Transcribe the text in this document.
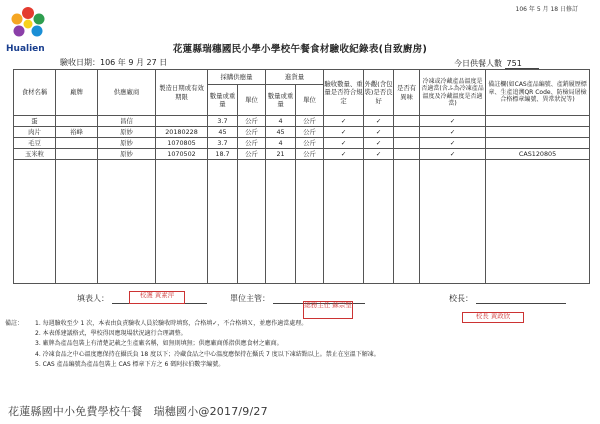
Hualien
106 年 5 月 18 日修訂
花蓮縣瑞穗國民小學小學校午餐食材驗收紀錄表(自致廚房)
驗收日期：106 年 9 月 27 日	今日供餐人數 751
食材名稱	廠牌	供應廠商	製造日期或有效期限	採購供應量		進貨量		驗收數量、重量是否符合規定	外觀(含包裝)是否良好	是否有異味	冷凍或冷藏產品溫度是否適當(含ふ為冷凍產品溫度及冷藏溫度是否適當)	備註欄(如CAS產品編號、產銷履歷標章、生產追溯QR Code、防檢局屠檢合格標章編號、異常狀況等)
				數量或重量	單位	數量或重量	單位					
蛋		昌信		3.7	公斤	4	公斤	✓	✓		✓	
肉片	裕峰	原妙	20180228	45	公斤	45	公斤	✓	✓		✓	
毛豆		原妙	1070805	3.7	公斤	4	公斤	✓	✓		✓	
玉米粒		原妙	1070502	18.7	公斤	21	公斤	✓	✓		✓	CAS120805

填表人：	校護 黃素萍	單位主管：
總務主任 蘇宗聖
校長：
校長 黃政欣
備註： 1. 每週驗收至少 1 次，本表由負責驗收人員於驗收時填寫，合格填✓，不合格填Ｘ，並應作適當處理。
2. 本表係建議格式，學校得因應現場狀況適行合理調整。
3. 廠牌為產品包裝上有清楚記載之生產廠名稱，如無則填無；供應廠商係指供應食材之廠商。
4. 冷凍食品之中心溫度應保持在攝氏負 18 度以下；冷藏食品之中心溫度應保持在攝氏 7 度以下凍結點以上。禁止在室溫下解凍。
5. CAS 產品編號為產品包裝上 CAS 標章下方之 6 碼阿拉伯數字編號。
花蓮縣國中小免費學校午餐　瑞穗國小@2017/9/27
